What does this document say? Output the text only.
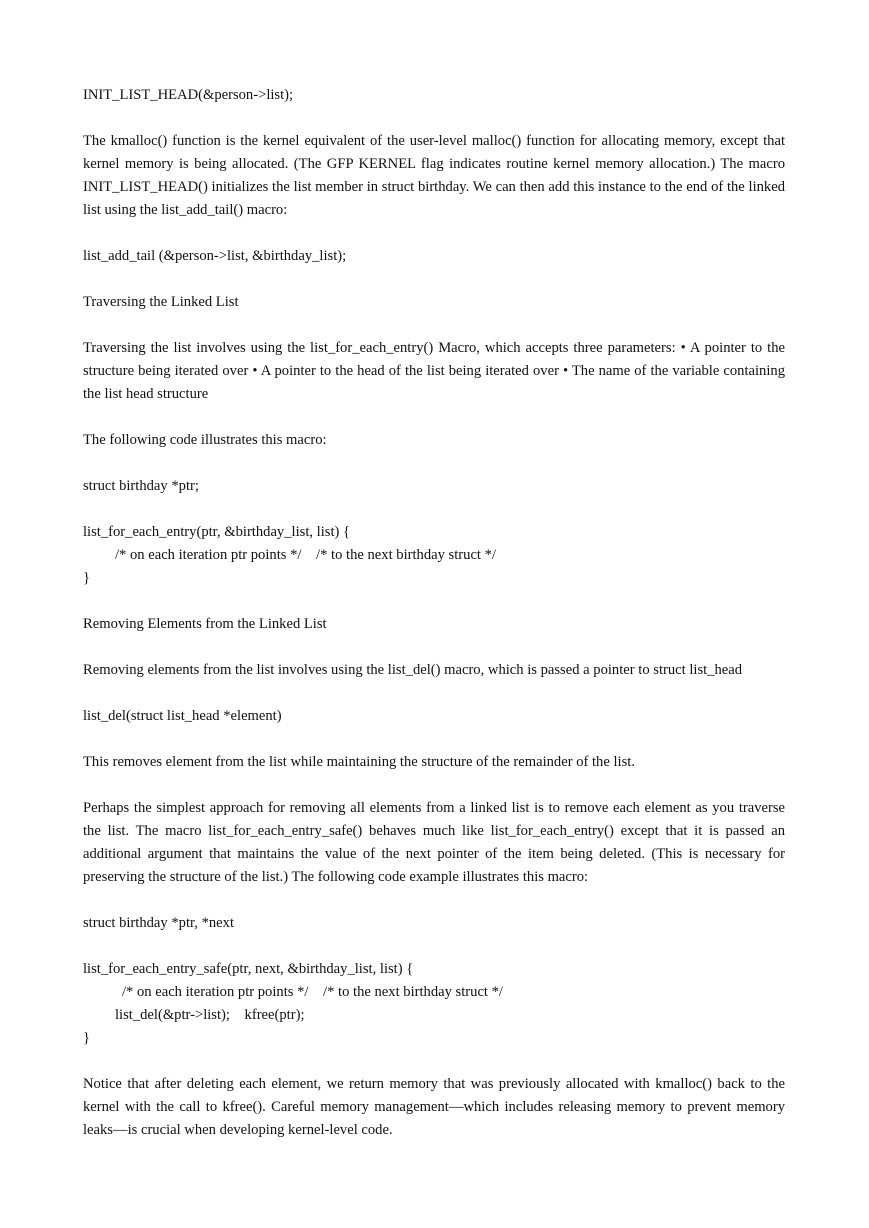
INIT_LIST_HEAD(&person->list);

The kmalloc() function is the kernel equivalent of the user-level malloc() function for allocating memory, except that kernel memory is being allocated. (The GFP KERNEL flag indicates routine kernel memory allocation.) The macro INIT_LIST_HEAD() initializes the list member in struct birthday. We can then add this instance to the end of the linked list using the list_add_tail() macro:

list_add_tail (&person->list, &birthday_list);

Traversing the Linked List

Traversing the list involves using the list_for_each_entry() Macro, which accepts three parameters: • A pointer to the structure being iterated over • A pointer to the head of the list being iterated over • The name of the variable containing the list head structure

The following code illustrates this macro:

struct birthday *ptr;

list_for_each_entry(ptr, &birthday_list, list) {

/* on each iteration ptr points */    /* to the next birthday struct */

}

Removing Elements from the Linked List

Removing elements from the list involves using the list_del() macro, which is passed a pointer to struct list_head

list_del(struct list_head *element)

This removes element from the list while maintaining the structure of the remainder of the list.

Perhaps the simplest approach for removing all elements from a linked list is to remove each element as you traverse the list. The macro list_for_each_entry_safe() behaves much like list_for_each_entry() except that it is passed an additional argument that maintains the value of the next pointer of the item being deleted. (This is necessary for preserving the structure of the list.) The following code example illustrates this macro:

struct birthday *ptr, *next

list_for_each_entry_safe(ptr, next, &birthday_list, list) {

/* on each iteration ptr points */    /* to the next birthday struct */

list_del(&ptr->list);    kfree(ptr);

}

Notice that after deleting each element, we return memory that was previously allocated with kmalloc() back to the kernel with the call to kfree(). Careful memory management—which includes releasing memory to prevent memory leaks—is crucial when developing kernel-level code.
